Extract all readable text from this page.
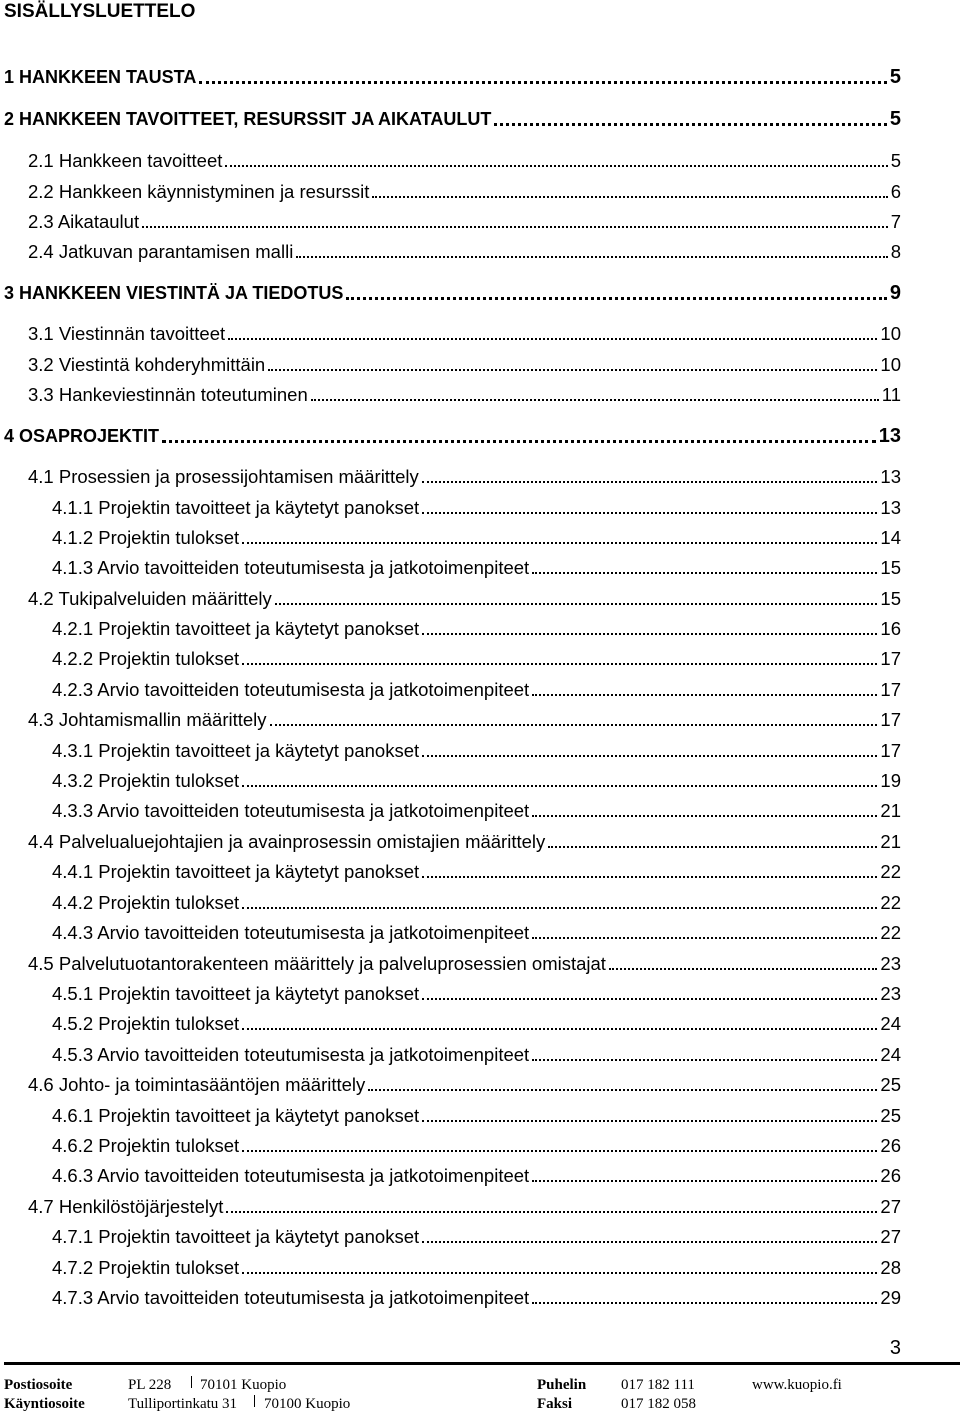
SISÄLLYSLUETTELO
1 HANKKEEN TAUSTA	5
2 HANKKEEN TAVOITTEET, RESURSSIT JA AIKATAULUT	5
2.1 Hankkeen tavoitteet	5
2.2 Hankkeen käynnistyminen ja resurssit	6
2.3 Aikataulut	7
2.4 Jatkuvan parantamisen malli	8
3 HANKKEEN VIESTINTÄ JA TIEDOTUS	9
3.1 Viestinnän tavoitteet	10
3.2 Viestintä kohderyhmittäin	10
3.3 Hankeviestinnän toteutuminen	11
4 OSAPROJEKTIT	13
4.1 Prosessien ja prosessijohtamisen määrittely	13
4.1.1 Projektin tavoitteet ja käytetyt panokset	13
4.1.2 Projektin tulokset	14
4.1.3 Arvio tavoitteiden toteutumisesta ja jatkotoimenpiteet	15
4.2 Tukipalveluiden määrittely	15
4.2.1 Projektin tavoitteet ja käytetyt panokset	16
4.2.2 Projektin tulokset	17
4.2.3 Arvio tavoitteiden toteutumisesta ja jatkotoimenpiteet	17
4.3 Johtamismallin määrittely	17
4.3.1 Projektin tavoitteet ja käytetyt panokset	17
4.3.2 Projektin tulokset	19
4.3.3 Arvio tavoitteiden toteutumisesta ja jatkotoimenpiteet	21
4.4 Palvelualuejohtajien ja avainprosessin omistajien määrittely	21
4.4.1 Projektin tavoitteet ja käytetyt panokset	22
4.4.2 Projektin tulokset	22
4.4.3 Arvio tavoitteiden toteutumisesta ja jatkotoimenpiteet	22
4.5 Palvelutuotantorakenteen määrittely ja palveluprosessien omistajat	23
4.5.1 Projektin tavoitteet ja käytetyt panokset	23
4.5.2 Projektin tulokset	24
4.5.3 Arvio tavoitteiden toteutumisesta ja jatkotoimenpiteet	24
4.6 Johto- ja toimintasääntöjen määrittely	25
4.6.1 Projektin tavoitteet ja käytetyt panokset	25
4.6.2 Projektin tulokset	26
4.6.3 Arvio tavoitteiden toteutumisesta ja jatkotoimenpiteet	26
4.7 Henkilöstöjärjestelyt	27
4.7.1 Projektin tavoitteet ja käytetyt panokset	27
4.7.2 Projektin tulokset	28
4.7.3 Arvio tavoitteiden toteutumisesta ja jatkotoimenpiteet	29
3
Postiosoite	PL 228 70101 Kuopio	Puhelin 017 182 111	www.kuopio.fi
Käyntiosoite	Tulliportinkatu 31 70100 Kuopio	Faksi	017 182 058
